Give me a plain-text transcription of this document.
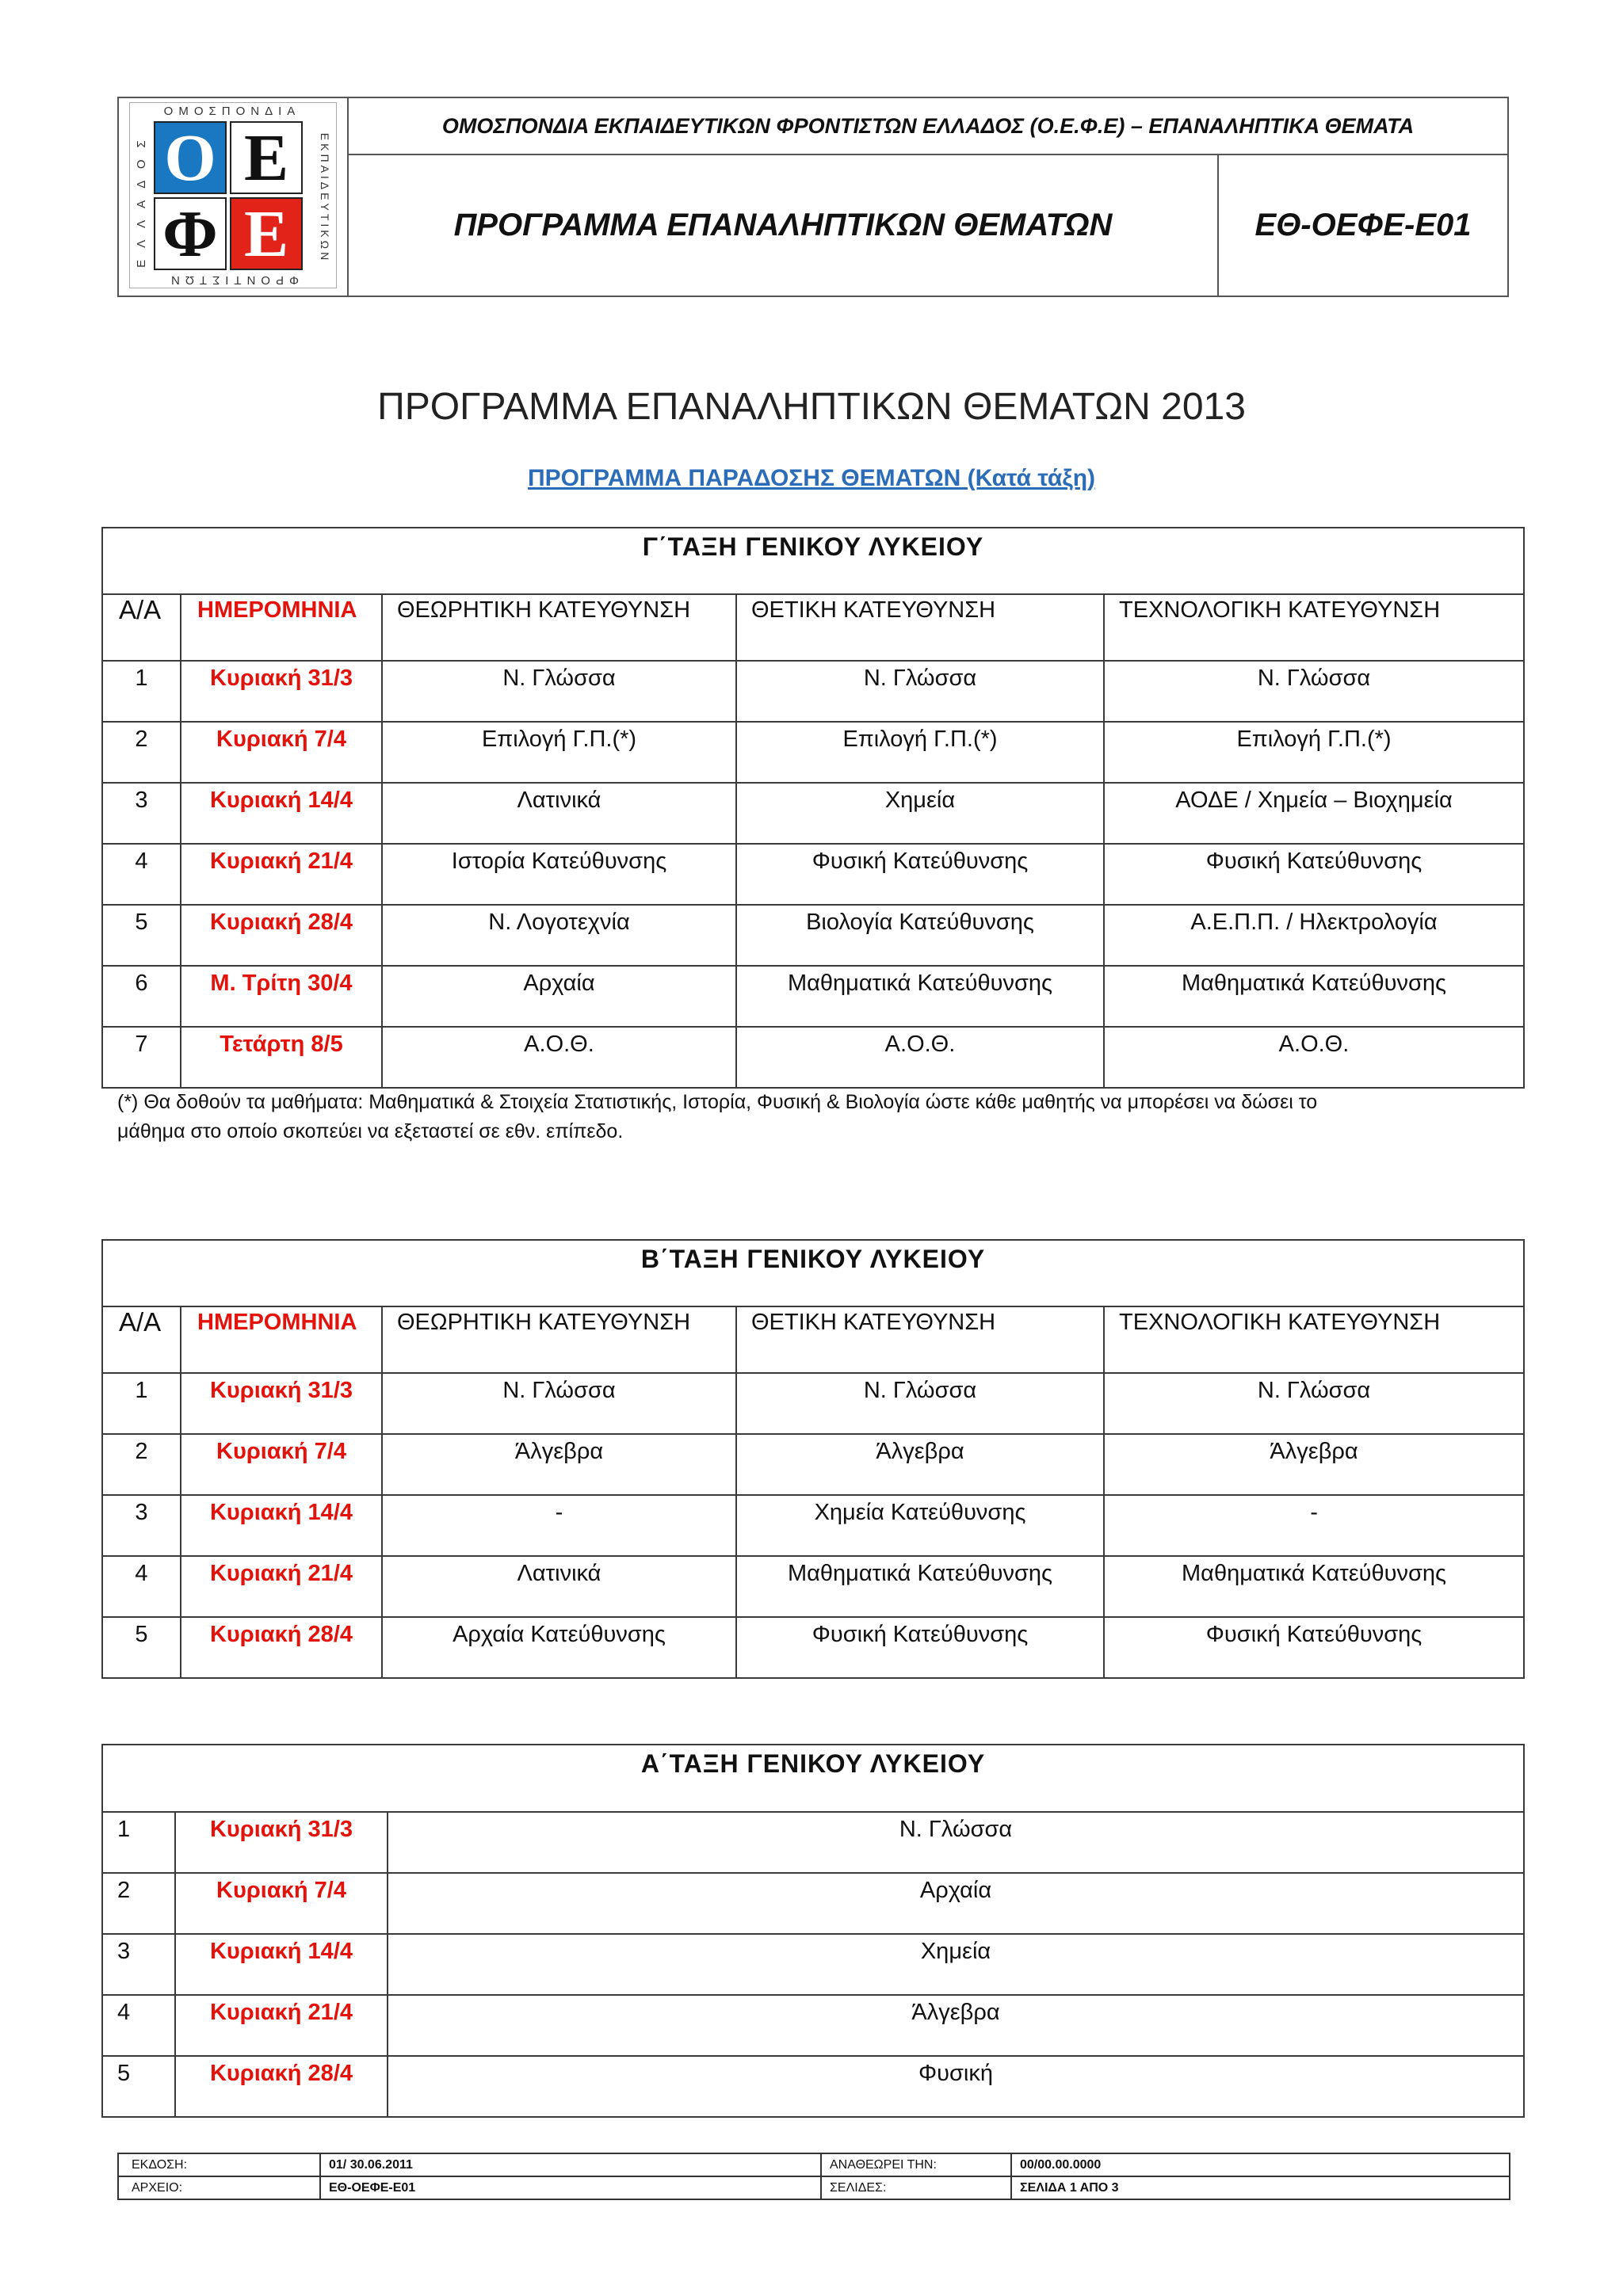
ΟΜΟΣΠΟΝΔΙΑ
ΕΚΠΑΙΔΕΥΤΙΚΩΝ
ΦΡΟΝΤΙΣΤΩΝ
ΕΛΛΑΔΟΣ Ο Ε
Φ Ε
ΟΜΟΣΠΟΝΔΙΑ ΕΚΠΑΙΔΕΥΤΙΚΩΝ ΦΡΟΝΤΙΣΤΩΝ ΕΛΛΑΔΟΣ (Ο.Ε.Φ.Ε) – ΕΠΑΝΑΛΗΠΤΙΚΑ ΘΕΜΑΤΑ
ΠΡΟΓΡΑΜΜΑ ΕΠΑΝΑΛΗΠΤΙΚΩΝ ΘΕΜΑΤΩΝ	ΕΘ-ΟΕΦΕ-Ε01
ΠΡΟΓΡΑΜΜΑ ΕΠΑΝΑΛΗΠΤΙΚΩΝ ΘΕΜΑΤΩΝ 2013
ΠΡΟΓΡΑΜΜΑ ΠΑΡΑΔΟΣΗΣ ΘΕΜΑΤΩΝ (Κατά τάξη)
Γ΄ΤΑΞΗ ΓΕΝΙΚΟΥ ΛΥΚΕΙΟΥ				
Α/Α	ΗΜΕΡΟΜΗΝΙΑ	ΘΕΩΡΗΤΙΚΗ ΚΑΤΕΥΘΥΝΣΗ	ΘΕΤΙΚΗ ΚΑΤΕΥΘΥΝΣΗ	ΤΕΧΝΟΛΟΓΙΚΗ ΚΑΤΕΥΘΥΝΣΗ
1	Κυριακή 31/3	Ν. Γλώσσα	Ν. Γλώσσα	Ν. Γλώσσα
2	Κυριακή 7/4	Επιλογή Γ.Π.(*)	Επιλογή Γ.Π.(*)	Επιλογή Γ.Π.(*)
3	Κυριακή 14/4	Λατινικά	Χημεία	ΑΟΔΕ / Χημεία – Βιοχημεία
4	Κυριακή 21/4	Ιστορία Κατεύθυνσης	Φυσική Κατεύθυνσης	Φυσική Κατεύθυνσης
5	Κυριακή 28/4	Ν. Λογοτεχνία	Βιολογία Κατεύθυνσης	Α.Ε.Π.Π. / Ηλεκτρολογία
6	Μ. Τρίτη 30/4	Αρχαία	Μαθηματικά Κατεύθυνσης	Μαθηματικά Κατεύθυνσης
7	Τετάρτη 8/5	Α.Ο.Θ.	Α.Ο.Θ.	Α.Ο.Θ.
(*) Θα δοθούν τα μαθήματα: Μαθηματικά & Στοιχεία Στατιστικής, Ιστορία, Φυσική & Βιολογία ώστε κάθε μαθητής να μπορέσει να δώσει το
μάθημα στο οποίο σκοπεύει να εξεταστεί σε εθν. επίπεδο.
Β΄ΤΑΞΗ ΓΕΝΙΚΟΥ ΛΥΚΕΙΟΥ				
Α/Α	ΗΜΕΡΟΜΗΝΙΑ	ΘΕΩΡΗΤΙΚΗ ΚΑΤΕΥΘΥΝΣΗ	ΘΕΤΙΚΗ ΚΑΤΕΥΘΥΝΣΗ	ΤΕΧΝΟΛΟΓΙΚΗ ΚΑΤΕΥΘΥΝΣΗ
1	Κυριακή 31/3	Ν. Γλώσσα	Ν. Γλώσσα	Ν. Γλώσσα
2	Κυριακή 7/4	Άλγεβρα	Άλγεβρα	Άλγεβρα
3	Κυριακή 14/4	-	Χημεία Κατεύθυνσης	-
4	Κυριακή 21/4	Λατινικά	Μαθηματικά Κατεύθυνσης	Μαθηματικά Κατεύθυνσης
5	Κυριακή 28/4	Αρχαία Κατεύθυνσης	Φυσική Κατεύθυνσης	Φυσική Κατεύθυνσης
Α΄ΤΑΞΗ ΓΕΝΙΚΟΥ ΛΥΚΕΙΟΥ		
1	Κυριακή 31/3	Ν. Γλώσσα
2	Κυριακή 7/4	Αρχαία
3	Κυριακή 14/4	Χημεία
4	Κυριακή 21/4	Άλγεβρα
5	Κυριακή 28/4	Φυσική
ΕΚΔΟΣΗ:	01/ 30.06.2011	ΑΝΑΘΕΩΡΕΙ ΤΗΝ:	00/00.00.0000
ΑΡΧΕΙΟ:	ΕΘ-ΟΕΦΕ-Ε01	ΣΕΛΙΔΕΣ:	ΣΕΛΙΔΑ 1 ΑΠΟ 3
